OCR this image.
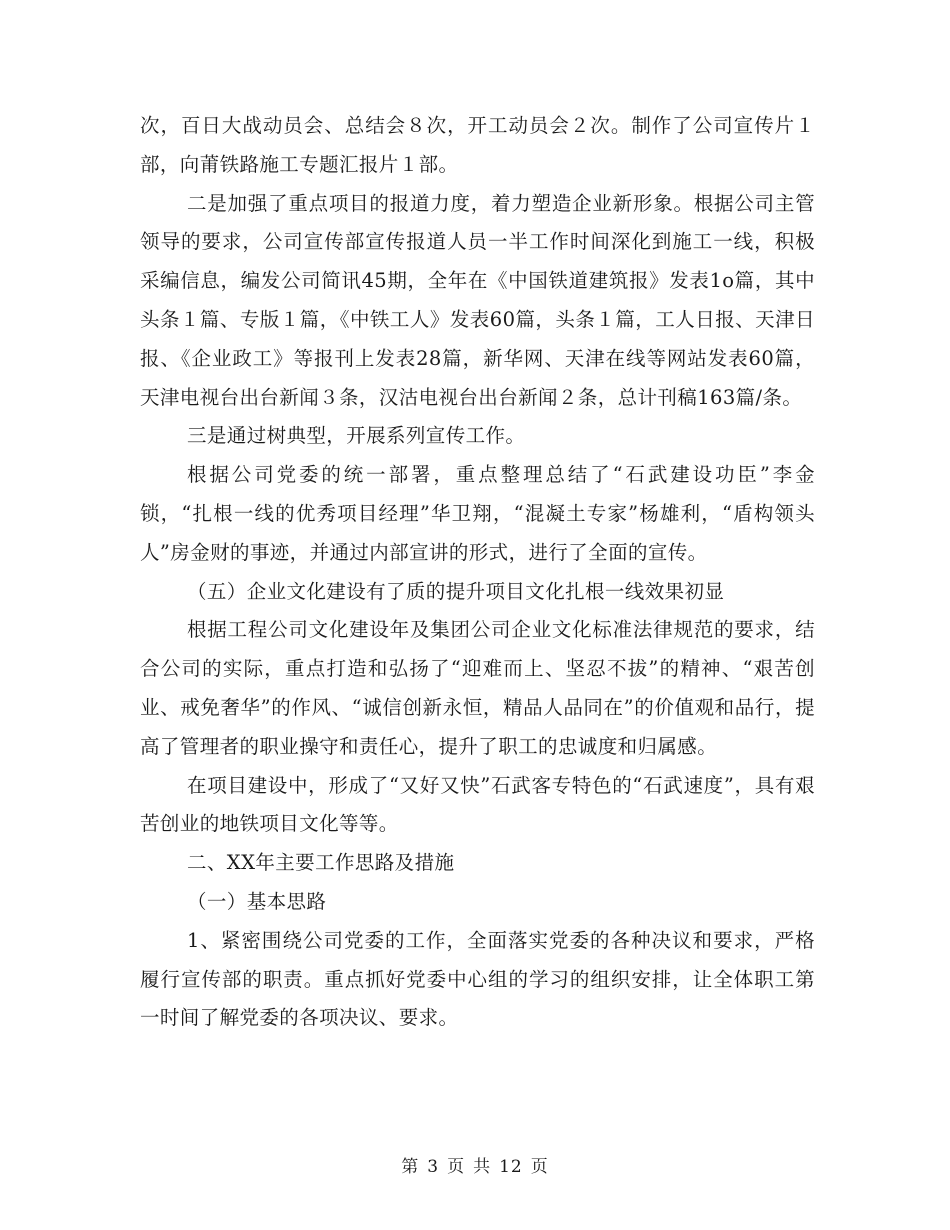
次，百日大战动员会、总结会８次，开工动员会２次。制作了公司宣传片１部，向莆铁路施工专题汇报片１部。

二是加强了重点项目的报道力度，着力塑造企业新形象。根据公司主管领导的要求，公司宣传部宣传报道人员一半工作时间深化到施工一线，积极采编信息，编发公司简讯45期，全年在《中国铁道建筑报》发表1o篇，其中头条１篇、专版１篇，《中铁工人》发表60篇，头条１篇，工人日报、天津日报、《企业政工》等报刊上发表28篇，新华网、天津在线等网站发表60篇，天津电视台出台新闻３条，汉沽电视台出台新闻２条，总计刊稿163篇/条。

三是通过树典型，开展系列宣传工作。

根据公司党委的统一部署，重点整理总结了“石武建设功臣”李金锁，“扎根一线的优秀项目经理”华卫翔，“混凝土专家”杨雄利，“盾构领头人”房金财的事迹，并通过内部宣讲的形式，进行了全面的宣传。

（五）企业文化建设有了质的提升项目文化扎根一线效果初显

根据工程公司文化建设年及集团公司企业文化标准法律规范的要求，结合公司的实际，重点打造和弘扬了“迎难而上、坚忍不拔”的精神、“艰苦创业、戒免奢华”的作风、“诚信创新永恒，精品人品同在”的价值观和品行，提高了管理者的职业操守和责任心，提升了职工的忠诚度和归属感。

在项目建设中，形成了“又好又快”石武客专特色的“石武速度”，具有艰苦创业的地铁项目文化等等。

二、XX年主要工作思路及措施

（一）基本思路

1、紧密围绕公司党委的工作，全面落实党委的各种决议和要求，严格履行宣传部的职责。重点抓好党委中心组的学习的组织安排，让全体职工第一时间了解党委的各项决议、要求。

第 3 页 共 12 页
